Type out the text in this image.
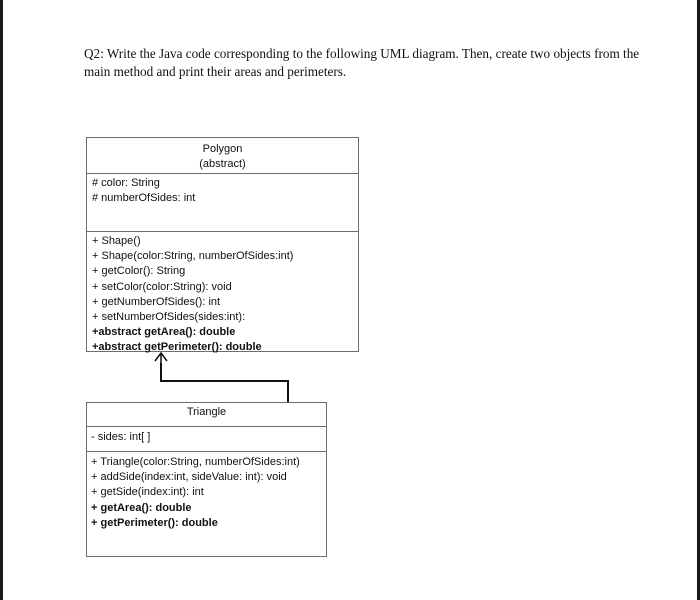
Q2: Write the Java code corresponding to the following UML diagram. Then, create two objects from the main method and print their areas and perimeters.
Polygon
(abstract)
# color: String
# numberOfSides: int
+ Shape()
+ Shape(color:String, numberOfSides:int)
+ getColor(): String
+ setColor(color:String): void
+ getNumberOfSides(): int
+ setNumberOfSides(sides:int):
+abstract getArea(): double
+abstract getPerimeter(): double
Triangle
- sides: int[ ]
+ Triangle(color:String, numberOfSides:int)
+ addSide(index:int, sideValue: int): void
+ getSide(index:int): int
+ getArea(): double
+ getPerimeter(): double
